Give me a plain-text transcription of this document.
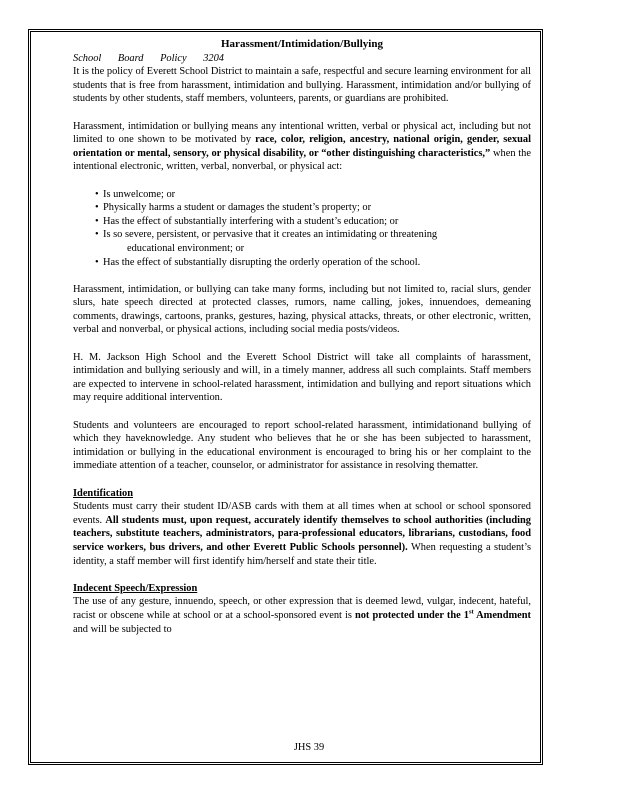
Harassment/Intimidation/Bullying
School Board Policy 3204

It is the policy of Everett School District to maintain a safe, respectful and secure learning environment for all students that is free from harassment, intimidation and bullying. Harassment, intimidation and/or bullying of students by other students, staff members, volunteers, parents, or guardians are prohibited.

Harassment, intimidation or bullying means any intentional written, verbal or physical act, including but not limited to one shown to be motivated by race, color, religion, ancestry, national origin, gender, sexual orientation or mental, sensory, or physical disability, or “other distinguishing characteristics,” when the intentional electronic, written, verbal, nonverbal, or physical act:

• Is unwelcome; or
• Physically harms a student or damages the student’s property; or
• Has the effect of substantially interfering with a student’s education; or
• Is so severe, persistent, or pervasive that it creates an intimidating or threatening
educational environment; or
• Has the effect of substantially disrupting the orderly operation of the school.

Harassment, intimidation, or bullying can take many forms, including but not limited to, racial slurs, gender slurs, hate speech directed at protected classes, rumors, name calling, jokes, innuendoes, demeaning comments, drawings, cartoons, pranks, gestures, hazing, physical attacks, threats, or other electronic, written, verbal and nonverbal, or physical actions, including social media posts/videos.

H. M. Jackson High School and the Everett School District will take all complaints of harassment, intimidation and bullying seriously and will, in a timely manner, address all such complaints. Staff members are expected to intervene in school-related harassment, intimidation and bullying and report situations which may require additional intervention.

Students and volunteers are encouraged to report school-related harassment, intimidationand bullying of which they haveknowledge. Any student who believes that he or she has been subjected to harassment, intimidation or bullying in the educational environment is encouraged to bring his or her complaint to the immediate attention of a teacher, counselor, or administrator for assistance in resolving thematter.

Identification

Students must carry their student ID/ASB cards with them at all times when at school or school sponsored events. All students must, upon request, accurately identify themselves to school authorities (including teachers, substitute teachers, administrators, para-professional educators, librarians, custodians, food service workers, bus drivers, and other Everett Public Schools personnel). When requesting a student’s identity, a staff member will first identify him/herself and state their title.

Indecent Speech/Expression

The use of any gesture, innuendo, speech, or other expression that is deemed lewd, vulgar, indecent, hateful, racist or obscene while at school or at a school-sponsored event is not protected under the 1st Amendment and will be subjected to

JHS 39
